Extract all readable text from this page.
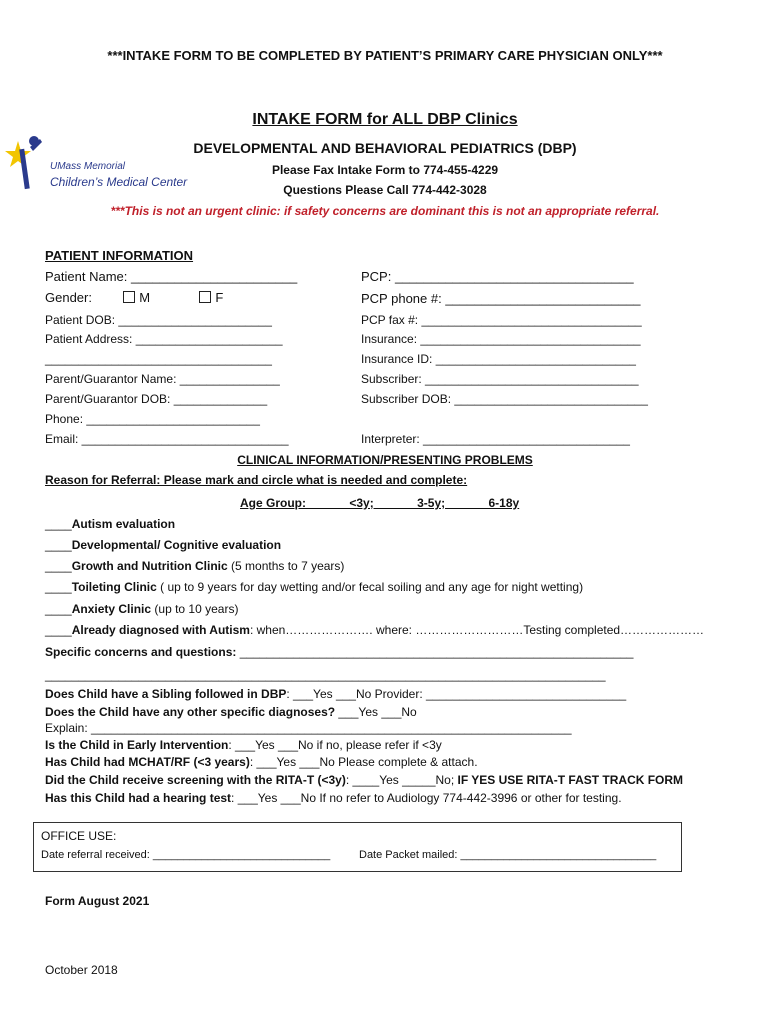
***INTAKE FORM TO BE COMPLETED BY PATIENT’S PRIMARY CARE PHYSICIAN ONLY***
UMass Memorial
Children’s Medical Center
INTAKE FORM for ALL DBP Clinics
DEVELOPMENTAL AND BEHAVIORAL PEDIATRICS (DBP)
Please Fax Intake Form to 774-455-4229
Questions Please Call 774-442-3028
***This is not an urgent clinic: if safety concerns are dominant this is not an appropriate referral.
PATIENT INFORMATION
Patient Name: _______________________
Gender:	M	F
Patient DOB: _______________________
Patient Address: ______________________
__________________________________
Parent/Guarantor Name: _______________
Parent/Guarantor DOB: ______________
Phone: __________________________
Email: _______________________________
PCP: _________________________________
PCP phone #: ___________________________
PCP fax #: _________________________________
Insurance: _________________________________
Insurance ID: ______________________________
Subscriber: ________________________________
Subscriber DOB: _____________________________
Interpreter: _______________________________
CLINICAL INFORMATION/PRESENTING PROBLEMS
Reason for Referral: Please mark and circle what is needed and complete:
Age Group: ______<3y; ______3-5y; ______6-18y
____Autism evaluation
____Developmental/ Cognitive evaluation
____Growth and Nutrition Clinic (5 months to 7 years)
____Toileting Clinic ( up to 9 years for day wetting and/or fecal soiling and any age for night wetting)
____Anxiety Clinic (up to 10 years)
____Already diagnosed with Autism: when…………………. where: ………………………Testing completed…………………
Specific concerns and questions: ___________________________________________________________
____________________________________________________________________________________
Does Child have a Sibling followed in DBP: ___Yes ___No Provider: ______________________________
Does the Child have any other specific diagnoses? ___Yes ___No
Explain: ________________________________________________________________________
Is the Child in Early Intervention: ___Yes ___No if no, please refer if <3y
Has Child had MCHAT/RF (<3 years): ___Yes ___No Please complete & attach.
Did the Child receive screening with the RITA-T (<3y): ____Yes _____No; IF YES USE RITA-T FAST TRACK FORM
Has this Child had a hearing test: ___Yes ___No If no refer to Audiology 774-442-3996 or other for testing.
OFFICE USE:
Date referral received: _____________________________	Date Packet mailed: ________________________________
Form August 2021
October 2018
